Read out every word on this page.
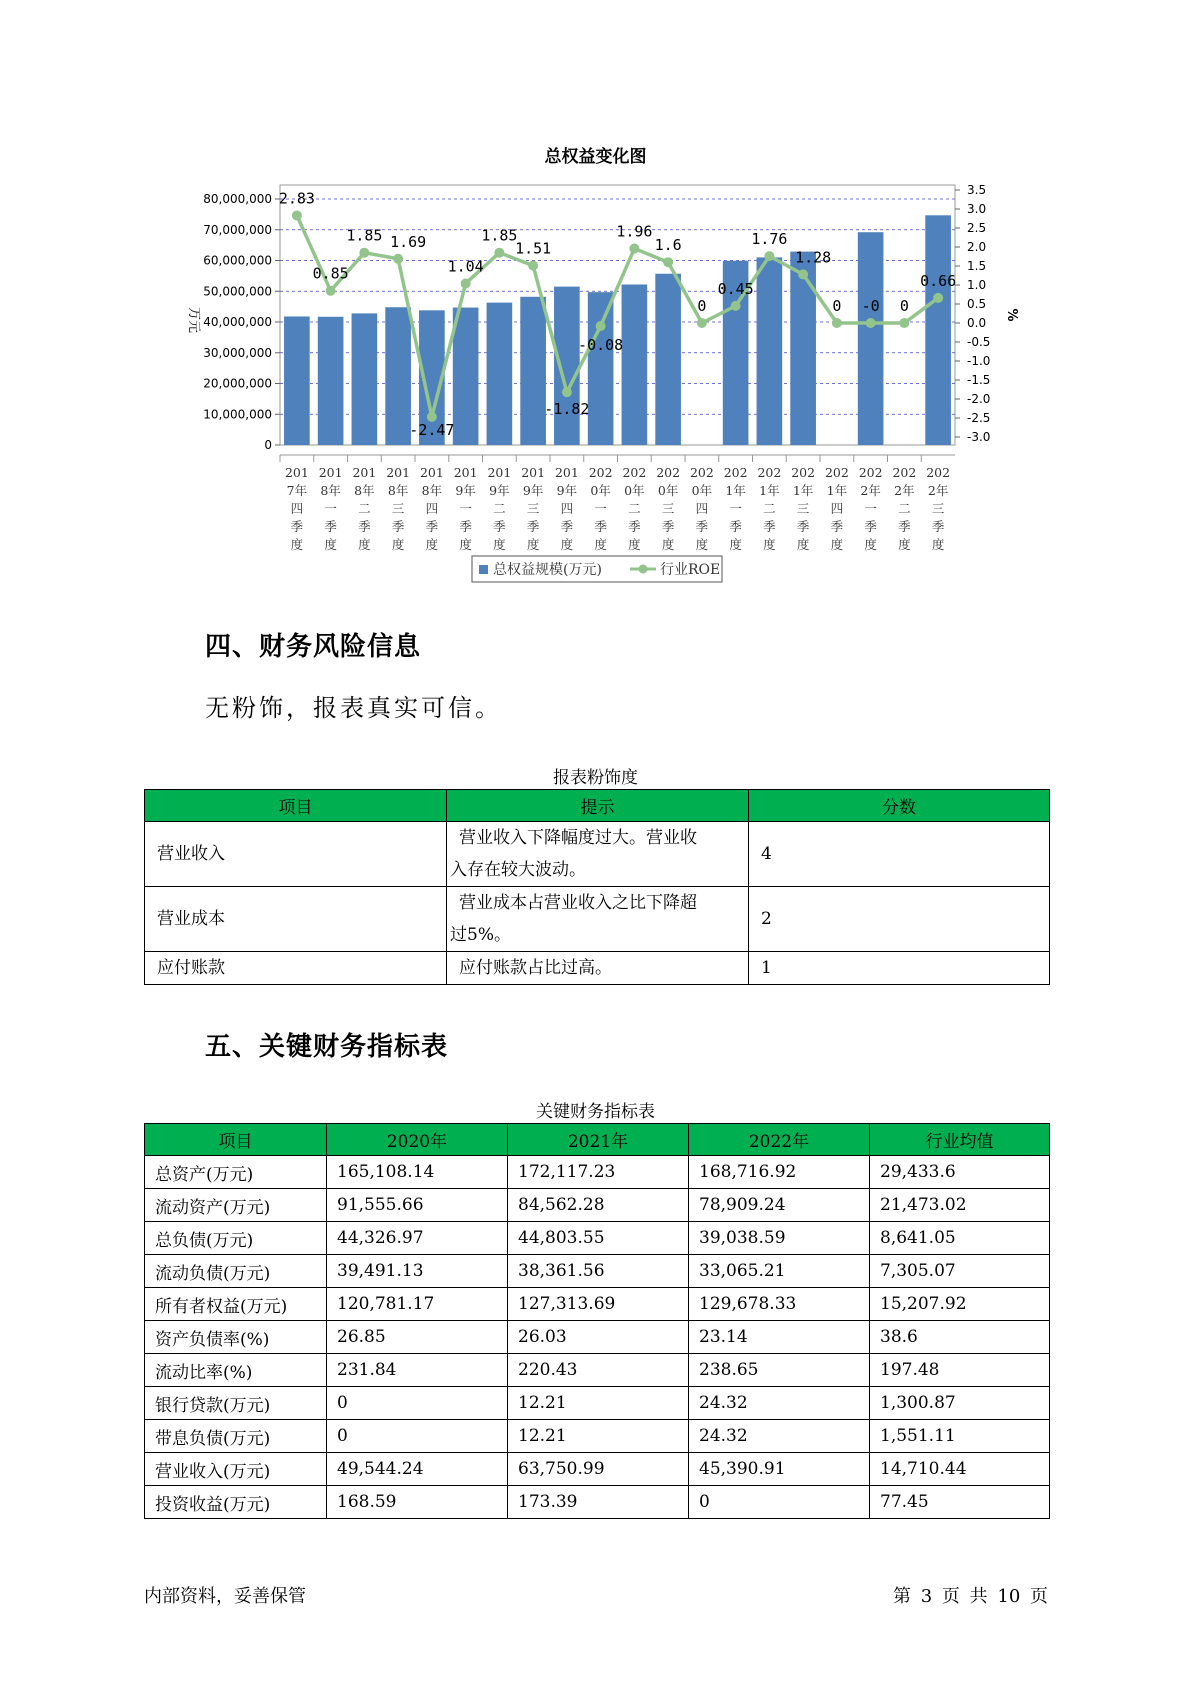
总权益变化图
0
10,000,000
20,000,000
30,000,000
40,000,000
50,000,000
60,000,000
70,000,000
80,000,000
-3.0
-2.5
-2.0
-1.5
-1.0
-0.5
0.0
0.5
1.0
1.5
2.0
2.5
3.0
3.5
万元	%
201
7年
四
季
度
201
8年
一
季
度
201
8年
二
季
度
201
8年
三
季
度
201
8年
四
季
度
201
9年
一
季
度
201
9年
二
季
度
201
9年
三
季
度
201
9年
四
季
度
202
0年
一
季
度
202
0年
二
季
度
202
0年
三
季
度
202
0年
四
季
度
202
1年
一
季
度
202
1年
二
季
度
202
1年
三
季
度
202
1年
四
季
度
202
2年
一
季
度
202
2年
二
季
度
202
2年
三
季
度
2.83
0.85
1.85 1.69
-2.47
1.04
1.85
1.51
-1.82
-0.08
1.96
1.6
0
0.45
1.76
1.28
0 -0 0
0.66
总权益规模(万元)	行业ROE
四、财务风险信息
无粉饰，报表真实可信。
报表粉饰度
项目	提示	分数
营业收入	营业收入下降幅度过大。营业收
入存在较大波动。	4
营业成本	营业成本占营业收入之比下降超
过5%。	2
应付账款	应付账款占比过高。	1
五、关键财务指标表
关键财务指标表
项目	2020年	2021年	2022年	行业均值
总资产(万元)	165,108.14	172,117.23	168,716.92	29,433.6
流动资产(万元)	91,555.66	84,562.28	78,909.24	21,473.02
总负债(万元)	44,326.97	44,803.55	39,038.59	8,641.05
流动负债(万元)	39,491.13	38,361.56	33,065.21	7,305.07
所有者权益(万元)	120,781.17	127,313.69	129,678.33	15,207.92
资产负债率(%)	26.85	26.03	23.14	38.6
流动比率(%)	231.84	220.43	238.65	197.48
银行贷款(万元)	0	12.21	24.32	1,300.87
带息负债(万元)	0	12.21	24.32	1,551.11
营业收入(万元)	49,544.24	63,750.99	45,390.91	14,710.44
投资收益(万元)	168.59	173.39	0	77.45
内部资料，妥善保管	第 3 页 共 10 页
